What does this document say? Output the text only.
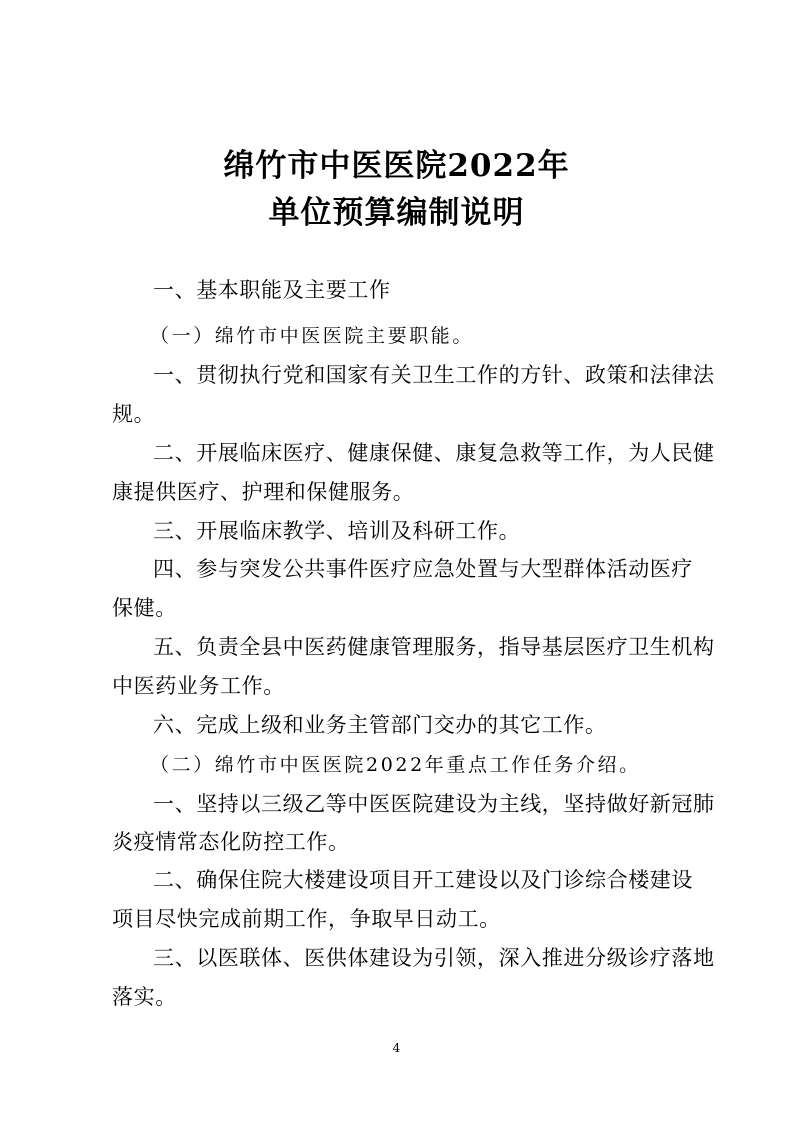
绵竹市中医医院2022年
单位预算编制说明

一、基本职能及主要工作

（一）绵竹市中医医院主要职能。

一、贯彻执行党和国家有关卫生工作的方针、政策和法律法

规。

二、开展临床医疗、健康保健、康复急救等工作，为人民健

康提供医疗、护理和保健服务。

三、开展临床教学、培训及科研工作。

四、参与突发公共事件医疗应急处置与大型群体活动医疗

保健。

五、负责全县中医药健康管理服务，指导基层医疗卫生机构

中医药业务工作。

六、完成上级和业务主管部门交办的其它工作。

（二）绵竹市中医医院2022年重点工作任务介绍。

一、坚持以三级乙等中医医院建设为主线，坚持做好新冠肺

炎疫情常态化防控工作。

二、确保住院大楼建设项目开工建设以及门诊综合楼建设

项目尽快完成前期工作，争取早日动工。

三、以医联体、医供体建设为引领，深入推进分级诊疗落地

落实。

4
